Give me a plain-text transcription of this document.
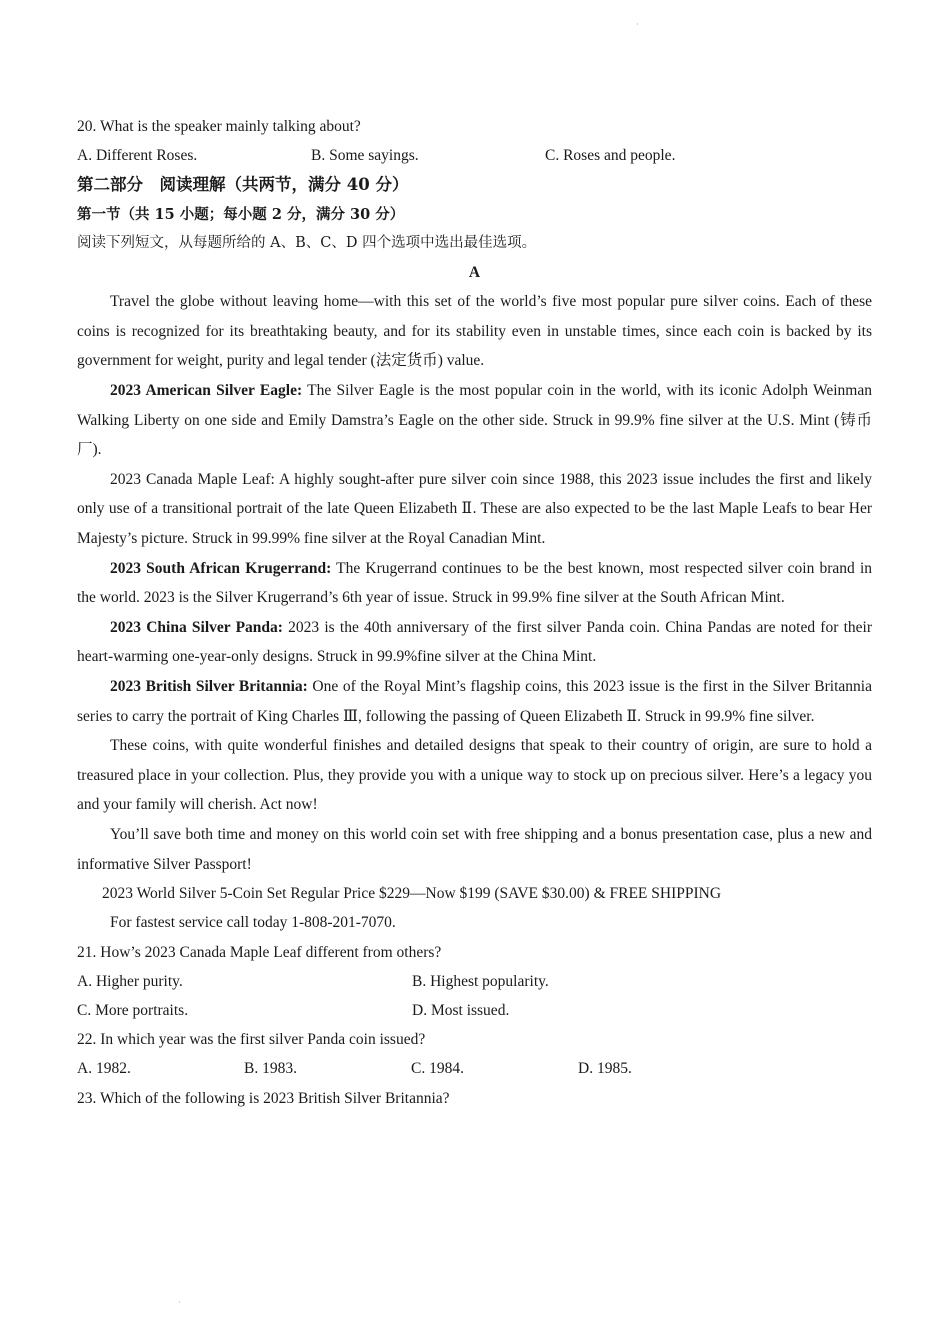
·
·

20. What is the speaker mainly talking about?

A. Different Roses.	B. Some sayings.	C. Roses and people.
第二部分　阅读理解（共两节，满分 40 分）
第一节（共 15 小题；每小题 2 分，满分 30 分）
阅读下列短文，从每题所给的 A、B、C、D 四个选项中选出最佳选项。
A

Travel the globe without leaving home—with this set of the world’s five most popular pure silver coins. Each of these coins is recognized for its breathtaking beauty, and for its stability even in unstable times, since each coin is backed by its government for weight, purity and legal tender (法定货币) value.

2023 American Silver Eagle: The Silver Eagle is the most popular coin in the world, with its iconic Adolph Weinman Walking Liberty on one side and Emily Damstra’s Eagle on the other side. Struck in 99.9% fine silver at the U.S. Mint (铸币厂).

2023 Canada Maple Leaf: A highly sought-after pure silver coin since 1988, this 2023 issue includes the first and likely only use of a transitional portrait of the late Queen Elizabeth Ⅱ. These are also expected to be the last Maple Leafs to bear Her Majesty’s picture. Struck in 99.99% fine silver at the Royal Canadian Mint.

2023 South African Krugerrand: The Krugerrand continues to be the best known, most respected silver coin brand in the world. 2023 is the Silver Krugerrand’s 6th year of issue. Struck in 99.9% fine silver at the South African Mint.

2023 China Silver Panda: 2023 is the 40th anniversary of the first silver Panda coin. China Pandas are noted for their heart-warming one-year-only designs. Struck in 99.9%fine silver at the China Mint.

2023 British Silver Britannia: One of the Royal Mint’s flagship coins, this 2023 issue is the first in the Silver Britannia series to carry the portrait of King Charles Ⅲ, following the passing of Queen Elizabeth Ⅱ. Struck in 99.9% fine silver.

These coins, with quite wonderful finishes and detailed designs that speak to their country of origin, are sure to hold a treasured place in your collection. Plus, they provide you with a unique way to stock up on precious silver. Here’s a legacy you and your family will cherish. Act now!

You’ll save both time and money on this world coin set with free shipping and a bonus presentation case, plus a new and informative Silver Passport!

2023 World Silver 5-Coin Set Regular Price $229—Now $199 (SAVE $30.00) & FREE SHIPPING
For fastest service call today 1-808-201-7070.

21. How’s 2023 Canada Maple Leaf different from others?

A. Higher purity.	B. Highest popularity.
C. More portraits.	D. Most issued.

22. In which year was the first silver Panda coin issued?

A. 1982.	B. 1983.	C. 1984.	D. 1985.

23. Which of the following is 2023 British Silver Britannia?
